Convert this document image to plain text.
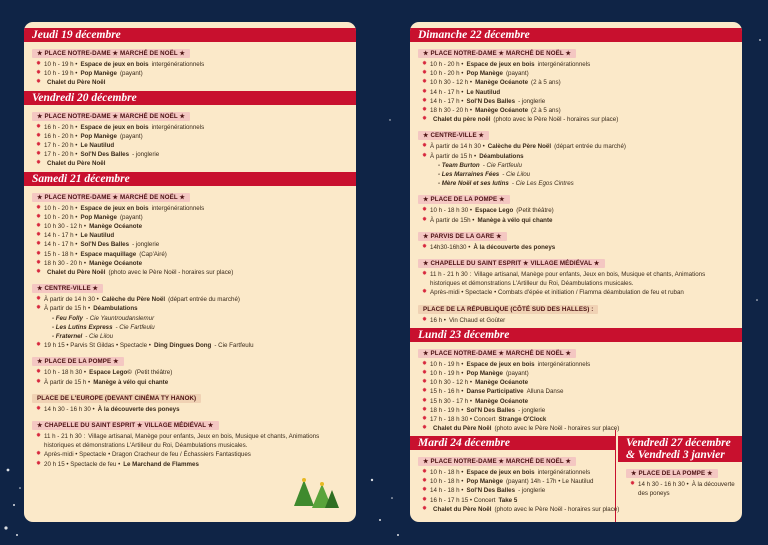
Jeudi 19 décembre
★ PLACE NOTRE-DAME ★ MARCHÉ DE NOËL ★
✸ 10 h - 19 h • Espace de jeux en bois intergénérationnels
✸ 10 h - 19 h • Pop Manège (payant)
✸ Chalet du Père Noël
Vendredi 20 décembre
★ PLACE NOTRE-DAME ★ MARCHÉ DE NOËL ★
✸ 16 h - 20 h • Espace de jeux en bois intergénérationnels
✸ 16 h - 20 h • Pop Manège (payant)
✸ 17 h - 20 h • Le Nautilud
✸ 17 h - 20 h • Sol'N Des Balles - jonglerie
✸ Chalet du Père Noël
Samedi 21 décembre
★ PLACE NOTRE-DAME ★ MARCHÉ DE NOËL ★
✸ 10 h - 20 h • Espace de jeux en bois intergénérationnels
✸ 10 h - 20 h • Pop Manège (payant)
✸ 10 h 30 - 12 h • Manège Océanote
✸ 14 h - 17 h • Le Nautilud
✸ 14 h - 17 h • Sol'N Des Balles - jonglerie
✸ 15 h - 18 h • Espace maquillage (Cap'Airé)
✸ 18 h 30 - 20 h • Manège Océanote
✸ Chalet du Père Noël (photo avec le Père Noël - horaires sur place)
★ CENTRE-VILLE ★
✸ À partir de 14 h 30 • Calèche du Père Noël (départ entrée du marché)
✸ À partir de 15 h • Déambulations
- Feu Folly - Cie Yauntroudanslemur
- Les Lutins Express - Cie Fartfeulu
- Fraternel - Cie Lilou
✸ 19 h 15 • Parvis St Gildas • Spectacle • Ding Dingues Dong - Cie Fartfeulu
★ PLACE DE LA POMPE ★
✸ 10 h - 18 h 30 • Espace Lego© (Petit théâtre)
✸ À partir de 15 h • Manège à vélo qui chante
PLACE DE L'EUROPE (DEVANT CINÉMA TY HANOK)
✸ 14 h 30 - 16 h 30 • À la découverte des poneys
★ CHAPELLE DU SAINT ESPRIT ★ VILLAGE MÉDIÉVAL ★
✸ 11 h - 21 h 30 : Village artisanal, Manège pour enfants, Jeux en bois, Musique et chants, Animations historiques et démonstrations L'Artilleur du Roi, Déambulations musicales.
✸ Après-midi • Spectacle • Dragon Cracheur de feu / Échassiers Fantastiques
✸ 20 h 15 • Spectacle de feu • Le Marchand de Flammes
Dimanche 22 décembre
★ PLACE NOTRE-DAME ★ MARCHÉ DE NOËL ★
✸ 10 h - 20 h • Espace de jeux en bois intergénérationnels
✸ 10 h - 20 h • Pop Manège (payant)
✸ 10 h 30 - 12 h • Manège Océanote (2 à 5 ans)
✸ 14 h - 17 h • Le Nautilud
✸ 14 h - 17 h • Sol'N Des Balles - jonglerie
✸ 18 h 30 - 20 h • Manège Océanote (2 à 5 ans)
✸ Chalet du père noël (photo avec le Père Noël - horaires sur place)
★ CENTRE-VILLE ★
✸ À partir de 14 h 30 • Calèche du Père Noël (départ entrée du marché)
✸ À partir de 15 h • Déambulations
- Team Burton - Cie Fartfeulu
- Les Marraines Fées - Cie Lilou
- Mère Noël et ses lutins - Cie Les Egos Cintres
★ PLACE DE LA POMPE ★
✸ 10 h - 18 h 30 • Espace Lego (Petit théâtre)
✸ À partir de 15h • Manège à vélo qui chante
★ PARVIS DE LA GARE ★
✸ 14h30-16h30 • À la découverte des poneys
★ CHAPELLE DU SAINT ESPRIT ★ VILLAGE MÉDIÉVAL ★
✸ 11 h - 21 h 30 : Village artisanal, Manège pour enfants, Jeux en bois, Musique et chants, Animations historiques et démonstrations L'Artilleur du Roi, Déambulations musicales.
✸ Après-midi • Spectacle • Combats d'épée et initiation / Flamma déambulation de feu et ruban
PLACE DE LA RÉPUBLIQUE (CÔTÉ SUD DES HALLES) :
✸ 16 h • Vin Chaud et Goûter
Lundi 23 décembre
★ PLACE NOTRE-DAME ★ MARCHÉ DE NOËL ★
✸ 10 h - 19 h • Espace de jeux en bois intergénérationnels
✸ 10 h - 19 h • Pop Manège (payant)
✸ 10 h 30 - 12 h • Manège Océanote
✸ 15 h - 16 h • Danse Participative Alluna Danse
✸ 15 h 30 - 17 h • Manège Océanote
✸ 18 h - 19 h • Sol'N Des Balles - jonglerie
✸ 17 h - 18 h 30 • Concert Strange O'Clock
✸ Chalet du Père Noël (photo avec le Père Noël - horaires sur place)
Mardi 24 décembre
★ PLACE NOTRE-DAME ★ MARCHÉ DE NOËL ★
✸ 10 h - 18 h • Espace de jeux en bois intergénérationnels
✸ 10 h - 18 h • Pop Manège (payant) 14h - 17h • Le Nautilud
✸ 14 h - 18 h • Sol'N Des Balles - jonglerie
✸ 16 h - 17 h 15 • Concert Take 5
✸ Chalet du Père Noël (photo avec le Père Noël - horaires sur place)
Vendredi 27 décembre
& Vendredi 3 janvier
★ PLACE DE LA POMPE ★
✸ 14 h 30 - 16 h 30 • À la découverte des poneys
